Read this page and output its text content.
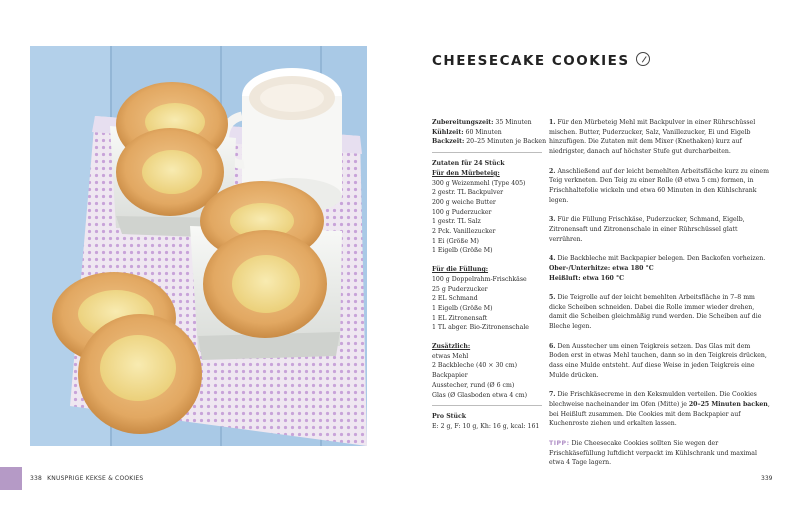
338 KNUSPRIGE KEKSE & COOKIES	339
CHEESECAKE COOKIES
Zubereitungszeit: 35 Minuten
Kühlzeit: 60 Minuten
Backzeit: 20–25 Minuten je Backen
Zutaten für 24 Stück
Für den Mürbeteig:
300 g Weizenmehl (Type 405)
2 gestr. TL Backpulver
200 g weiche Butter
100 g Puderzucker
1 gestr. TL Salz
2 Pck. Vanillezucker
1 Ei (Größe M)
1 Eigelb (Größe M)
Für die Füllung:
100 g Doppelrahm-Frischkäse
25 g Puderzucker
2 EL Schmand
1 Eigelb (Größe M)
1 EL Zitronensaft
1 TL abger. Bio-Zitronenschale
Zusätzlich:
etwas Mehl
2 Backbleche (40 × 30 cm)
Backpapier
Ausstecher, rund (Ø 6 cm)
Glas (Ø Glasboden etwa 4 cm)
Pro Stück
E: 2 g, F: 10 g, Kh: 16 g, kcal: 161

1. Für den Mürbeteig Mehl mit Backpulver in einer Rührschüssel mischen. Butter, Puderzucker, Salz, Vanillezucker, Ei und Eigelb hinzufügen. Die Zutaten mit dem Mixer (Knethaken) kurz auf niedrigster, danach auf höchster Stufe gut durcharbeiten.

2. Anschließend auf der leicht bemehlten Arbeitsfläche kurz zu einem Teig verkneten. Den Teig zu einer Rolle (Ø etwa 5 cm) formen, in Frischhaltefolie wickeln und etwa 60 Minuten in den Kühlschrank legen.

3. Für die Füllung Frischkäse, Puderzucker, Schmand, Eigelb, Zitronensaft und Zitronenschale in einer Rührschüssel glatt verrühren.

4. Die Backbleche mit Backpapier belegen. Den Backofen vorheizen.
Ober-/Unterhitze: etwa 180 °C
Heißluft: etwa 160 °C

5. Die Teigrolle auf der leicht bemehlten Arbeitsfläche in 7–8 mm dicke Scheiben schneiden. Dabei die Rolle immer wieder drehen, damit die Scheiben gleichmäßig rund werden. Die Scheiben auf die Bleche legen.

6. Den Ausstecher um einen Teigkreis setzen. Das Glas mit dem Boden erst in etwas Mehl tauchen, dann so in den Teigkreis drücken, dass eine Mulde entsteht. Auf diese Weise in jeden Teigkreis eine Mulde drücken.

7. Die Frischkäsecreme in den Keksmulden verteilen. Die Cookies blechweise nacheinander im Ofen (Mitte) je 20–25 Minuten backen, bei Heißluft zusammen. Die Cookies mit dem Backpapier auf Kuchenroste ziehen und erkalten lassen.

TIPP: Die Cheesecake Cookies sollten Sie wegen der Frischkäsefüllung luftdicht verpackt im Kühlschrank und maximal etwa 4 Tage lagern.
